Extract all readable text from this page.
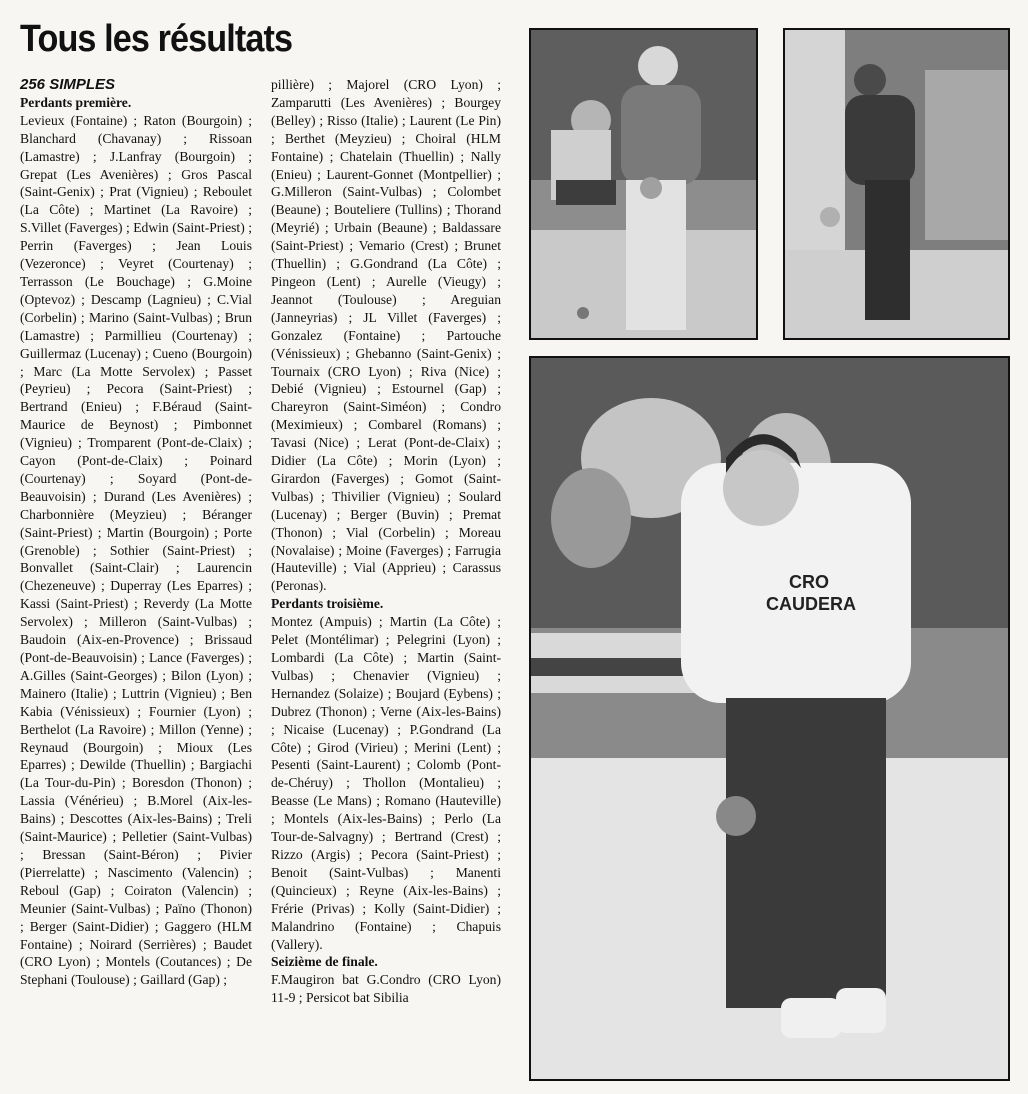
Tous les résultats

256 SIMPLES

Perdants première.

Levieux (Fontaine) ; Raton (Bourgoin) ; Blanchard (Chavanay) ; Rissoan (Lamastre) ; J.Lanfray (Bourgoin) ; Grepat (Les Avenières) ; Gros Pascal (Saint-Genix) ; Prat (Vignieu) ; Reboulet (La Côte) ; Martinet (La Ravoire) ; S.Villet (Faverges) ; Edwin (Saint-Priest) ; Perrin (Faverges) ; Jean Louis (Vezeronce) ; Veyret (Courtenay) ; Terrasson (Le Bouchage) ; G.Moine (Optevoz) ; Descamp (Lagnieu) ; C.Vial (Corbelin) ; Marino (Saint-Vulbas) ; Brun (Lamastre) ; Parmillieu (Courtenay) ; Guillermaz (Lucenay) ; Cueno (Bourgoin) ; Marc (La Motte Servolex) ; Passet (Peyrieu) ; Pecora (Saint-Priest) ; Bertrand (Enieu) ; F.Béraud (Saint-Maurice de Beynost) ; Pimbonnet (Vignieu) ; Tromparent (Pont-de-Claix) ; Cayon (Pont-de-Claix) ; Poinard (Courtenay) ; Soyard (Pont-de-Beauvoisin) ; Durand (Les Avenières) ; Charbonnière (Meyzieu) ; Béranger (Saint-Priest) ; Martin (Bourgoin) ; Porte (Grenoble) ; Sothier (Saint-Priest) ; Bonvallet (Saint-Clair) ; Laurencin (Chezeneuve) ; Duperray (Les Eparres) ; Kassi (Saint-Priest) ; Reverdy (La Motte Servolex) ; Milleron (Saint-Vulbas) ; Baudoin (Aix-en-Provence) ; Brissaud (Pont-de-Beauvoisin) ; Lance (Faverges) ; A.Gilles (Saint-Georges) ; Bilon (Lyon) ; Mainero (Italie) ; Luttrin (Vignieu) ; Ben Kabia (Vénissieux) ; Fournier (Lyon) ; Berthelot (La Ravoire) ; Millon (Yenne) ; Reynaud (Bourgoin) ; Mioux (Les Eparres) ; Dewilde (Thuellin) ; Bargiachi (La Tour-du-Pin) ; Boresdon (Thonon) ; Lassia (Vénérieu) ; B.Morel (Aix-les-Bains) ; Descottes (Aix-les-Bains) ; Treli (Saint-Maurice) ; Pelletier (Saint-Vulbas) ; Bressan (Saint-Béron) ; Pivier (Pierrelatte) ; Nascimento (Valencin) ; Reboul (Gap) ; Coiraton (Valencin) ; Meunier (Saint-Vulbas) ; Païno (Thonon) ; Berger (Saint-Didier) ; Gaggero (HLM Fontaine) ; Noirard (Serrières) ; Baudet (CRO Lyon) ; Montels (Coutances) ; De Stephani (Toulouse) ; Gaillard (Gap) ;

pillière) ; Majorel (CRO Lyon) ; Zamparutti (Les Avenières) ; Bourgey (Belley) ; Risso (Italie) ; Laurent (Le Pin) ; Berthet (Meyzieu) ; Choiral (HLM Fontaine) ; Chatelain (Thuellin) ; Nally (Enieu) ; Laurent-Gonnet (Montpellier) ; G.Milleron (Saint-Vulbas) ; Colombet (Beaune) ; Bouteliere (Tullins) ; Thorand (Meyrié) ; Urbain (Beaune) ; Baldassare (Saint-Priest) ; Vemario (Crest) ; Brunet (Thuellin) ; G.Gondrand (La Côte) ; Pingeon (Lent) ; Aurelle (Vieugy) ; Jeannot (Toulouse) ; Areguian (Janneyrias) ; JL Villet (Faverges) ; Gonzalez (Fontaine) ; Partouche (Vénissieux) ; Ghebanno (Saint-Genix) ; Tournaix (CRO Lyon) ; Riva (Nice) ; Debié (Vignieu) ; Estournel (Gap) ; Chareyron (Saint-Siméon) ; Condro (Meximieux) ; Combarel (Romans) ; Tavasi (Nice) ; Lerat (Pont-de-Claix) ; Didier (La Côte) ; Morin (Lyon) ; Girardon (Faverges) ; Gomot (Saint-Vulbas) ; Thivilier (Vignieu) ; Soulard (Lucenay) ; Berger (Buvin) ; Premat (Thonon) ; Vial (Corbelin) ; Moreau (Novalaise) ; Moine (Faverges) ; Farrugia (Hauteville) ; Vial (Apprieu) ; Carassus (Peronas).

Perdants troisième.

Montez (Ampuis) ; Martin (La Côte) ; Pelet (Montélimar) ; Pelegrini (Lyon) ; Lombardi (La Côte) ; Martin (Saint-Vulbas) ; Chenavier (Vignieu) ; Hernandez (Solaize) ; Boujard (Eybens) ; Dubrez (Thonon) ; Verne (Aix-les-Bains) ; Nicaise (Lucenay) ; P.Gondrand (La Côte) ; Girod (Virieu) ; Merini (Lent) ; Pesenti (Saint-Laurent) ; Colomb (Pont-de-Chéruy) ; Thollon (Montalieu) ; Beasse (Le Mans) ; Romano (Hauteville) ; Montels (Aix-les-Bains) ; Perlo (La Tour-de-Salvagny) ; Bertrand (Crest) ; Rizzo (Argis) ; Pecora (Saint-Priest) ; Benoit (Saint-Vulbas) ; Manenti (Quincieux) ; Reyne (Aix-les-Bains) ; Frérie (Privas) ; Kolly (Saint-Didier) ; Malandrino (Fontaine) ; Chapuis (Vallery).

Seizième de finale.

F.Maugiron bat G.Condro (CRO Lyon) 11-9 ; Persicot bat Sibilia

CRO
CAUDERA
